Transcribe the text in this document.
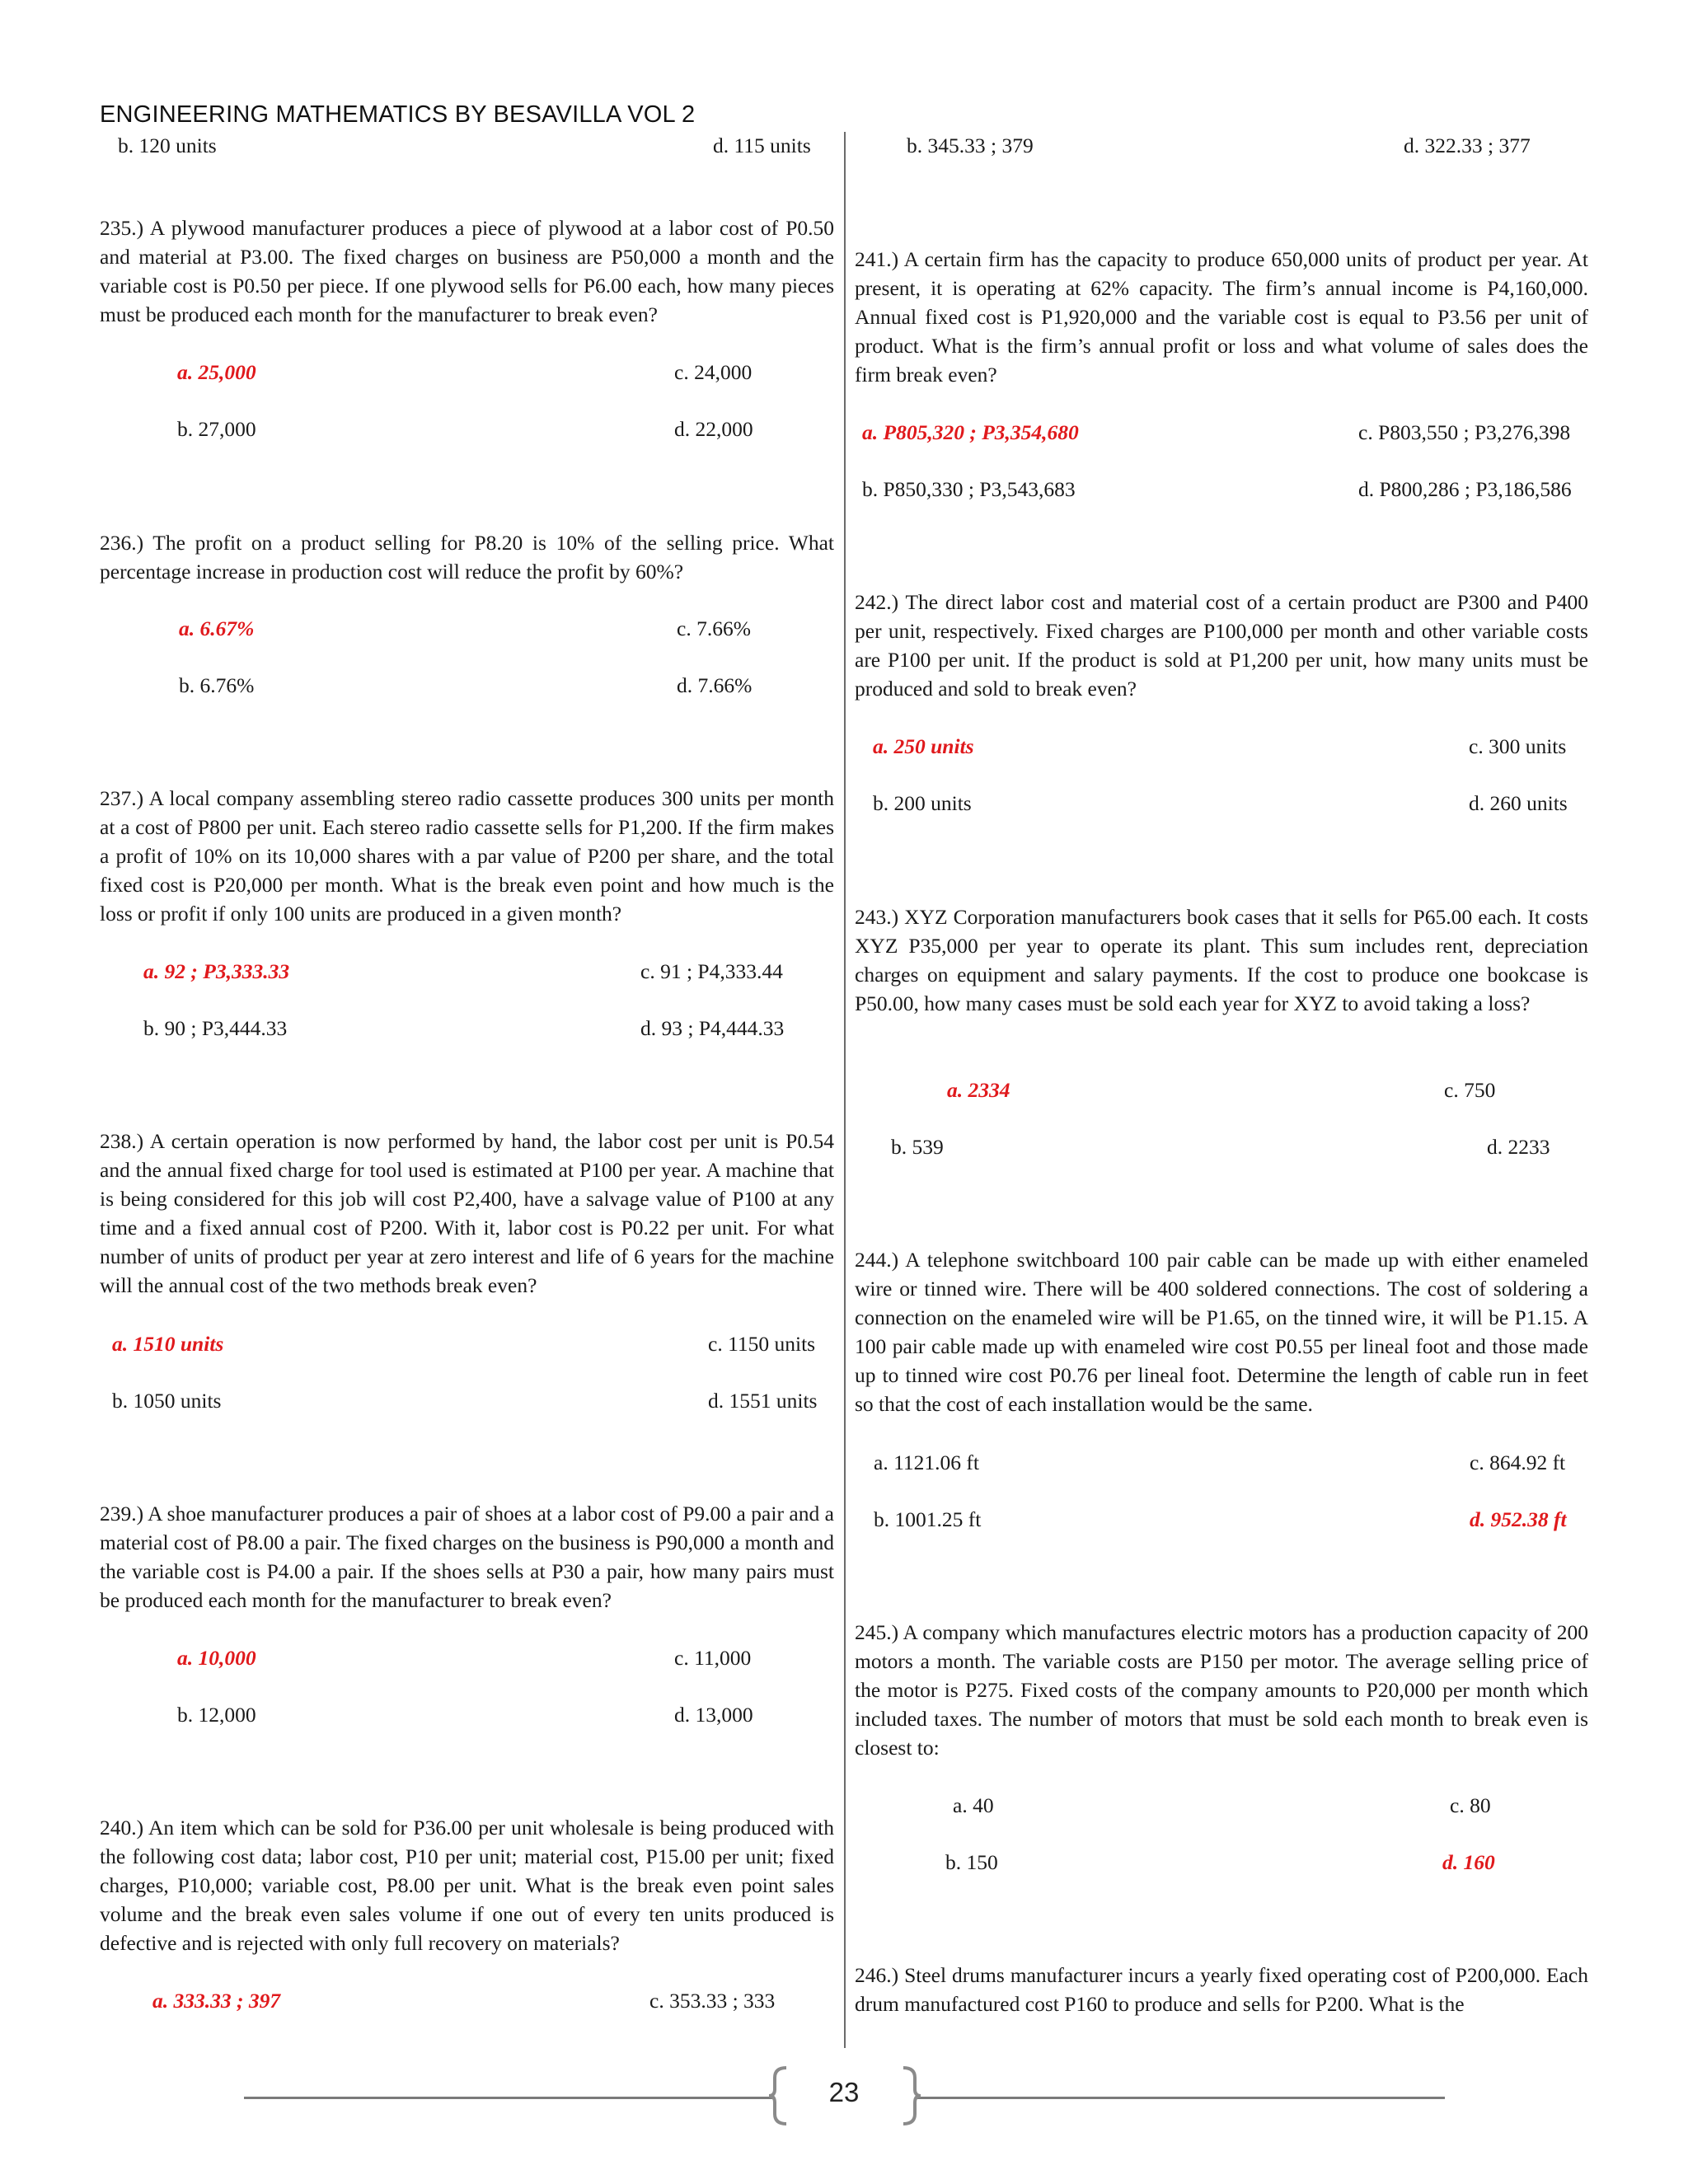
ENGINEERING MATHEMATICS BY BESAVILLA VOL 2
b. 120 units	d. 115 units
235.) A plywood manufacturer produces a piece of plywood at a labor cost of P0.50 and material at P3.00. The fixed charges on business are P50,000 a month and the variable cost is P0.50 per piece. If one plywood sells for P6.00 each, how many pieces must be produced each month for the manufacturer to break even?
a. 25,000	c. 24,000
b. 27,000	d. 22,000
236.) The profit on a product selling for P8.20 is 10% of the selling price. What percentage increase in production cost will reduce the profit by 60%?
a. 6.67%	c. 7.66%
b. 6.76%	d. 7.66%
237.) A local company assembling stereo radio cassette produces 300 units per month at a cost of P800 per unit. Each stereo radio cassette sells for P1,200. If the firm makes a profit of 10% on its 10,000 shares with a par value of P200 per share, and the total fixed cost is P20,000 per month. What is the break even point and how much is the loss or profit if only 100 units are produced in a given month?
a. 92 ; P3,333.33	c. 91 ; P4,333.44
b. 90 ; P3,444.33	d. 93 ; P4,444.33
238.) A certain operation is now performed by hand, the labor cost per unit is P0.54 and the annual fixed charge for tool used is estimated at P100 per year. A machine that is being considered for this job will cost P2,400, have a salvage value of P100 at any time and a fixed annual cost of P200. With it, labor cost is P0.22 per unit. For what number of units of product per year at zero interest and life of 6 years for the machine will the annual cost of the two methods break even?
a. 1510 units	c. 1150 units
b. 1050 units	d. 1551 units
239.) A shoe manufacturer produces a pair of shoes at a labor cost of P9.00 a pair and a material cost of P8.00 a pair. The fixed charges on the business is P90,000 a month and the variable cost is P4.00 a pair. If the shoes sells at P30 a pair, how many pairs must be produced each month for the manufacturer to break even?
a. 10,000	c. 11,000
b. 12,000	d. 13,000
240.) An item which can be sold for P36.00 per unit wholesale is being produced with the following cost data; labor cost, P10 per unit; material cost, P15.00 per unit; fixed charges, P10,000; variable cost, P8.00 per unit. What is the break even point sales volume and the break even sales volume if one out of every ten units produced is defective and is rejected with only full recovery on materials?
a. 333.33 ; 397	c. 353.33 ; 333
b. 345.33 ; 379	d. 322.33 ; 377
241.) A certain firm has the capacity to produce 650,000 units of product per year. At present, it is operating at 62% capacity. The firm’s annual income is P4,160,000. Annual fixed cost is P1,920,000 and the variable cost is equal to P3.56 per unit of product. What is the firm’s annual profit or loss and what volume of sales does the firm break even?
a. P805,320 ; P3,354,680	c. P803,550 ; P3,276,398
b. P850,330 ; P3,543,683	d. P800,286 ; P3,186,586
242.) The direct labor cost and material cost of a certain product are P300 and P400 per unit, respectively. Fixed charges are P100,000 per month and other variable costs are P100 per unit. If the product is sold at P1,200 per unit, how many units must be produced and sold to break even?
a. 250 units	c. 300 units
b. 200 units	d. 260 units
243.) XYZ Corporation manufacturers book cases that it sells for P65.00 each. It costs XYZ P35,000 per year to operate its plant. This sum includes rent, depreciation charges on equipment and salary payments. If the cost to produce one bookcase is P50.00, how many cases must be sold each year for XYZ to avoid taking a loss?
a. 2334	c. 750
b. 539	d. 2233
244.) A telephone switchboard 100 pair cable can be made up with either enameled wire or tinned wire. There will be 400 soldered connections. The cost of soldering a connection on the enameled wire will be P1.65, on the tinned wire, it will be P1.15. A 100 pair cable made up with enameled wire cost P0.55 per lineal foot and those made up to tinned wire cost P0.76 per lineal foot. Determine the length of cable run in feet so that the cost of each installation would be the same.
a. 1121.06 ft	c. 864.92 ft
b. 1001.25 ft	d. 952.38 ft
245.) A company which manufactures electric motors has a production capacity of 200 motors a month. The variable costs are P150 per motor. The average selling price of the motor is P275. Fixed costs of the company amounts to P20,000 per month which included taxes. The number of motors that must be sold each month to break even is closest to:
a. 40	c. 80
b. 150	d. 160
246.) Steel drums manufacturer incurs a yearly fixed operating cost of P200,000. Each drum manufactured cost P160 to produce and sells for P200. What is the
23
